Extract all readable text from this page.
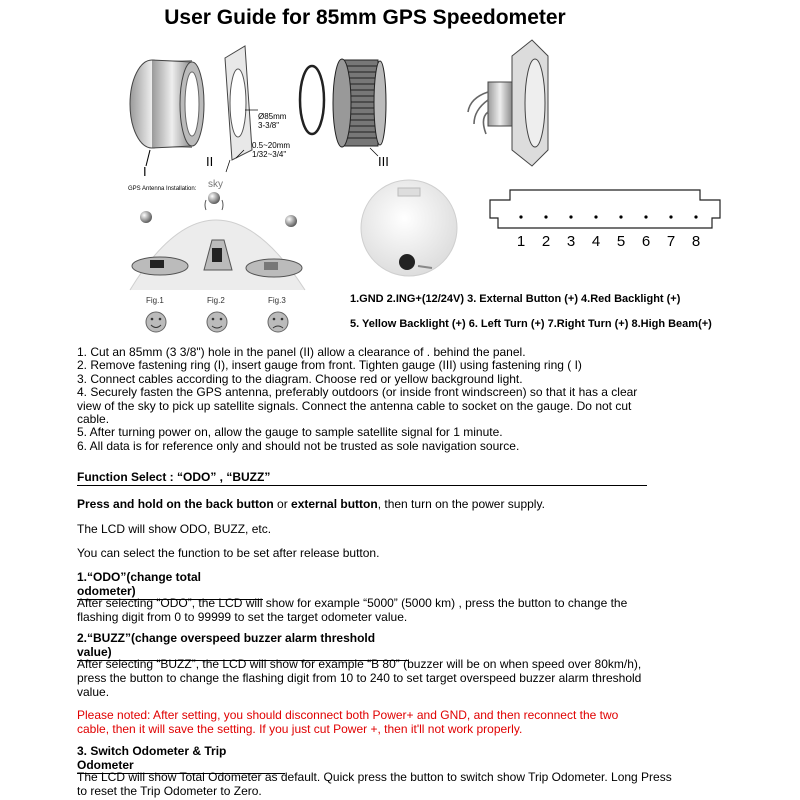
User Guide for 85mm GPS Speedometer
I
Ø85mm
3-3/8"
0.5~20mm
1/32~3/4"
II	III
GPS Antenna Installation: sky
Fig.1	Fig.2	Fig.3
1 2 3 4 5 6 7 8
1.GND 2.ING+(12/24V) 3. External Button (+) 4.Red Backlight (+)
5. Yellow Backlight (+) 6. Left Turn (+) 7.Right Turn (+) 8.High Beam(+)
1. Cut an 85mm (3 3/8") hole in the panel (II) allow a clearance of . behind the panel.
2. Remove fastening ring (I), insert gauge from front. Tighten gauge (III) using fastening ring ( I)
3. Connect cables according to the diagram. Choose red or yellow background light.
4. Securely fasten the GPS antenna, preferably outdoors (or inside front windscreen) so that it has a clear view of the sky to pick up satellite signals. Connect the antenna cable to socket on the gauge. Do not cut cable.
5. After turning power on, allow the gauge to sample satellite signal for 1 minute.
6. All data is for reference only and should not be trusted as sole navigation source.
Function Select : “ODO” , “BUZZ”
Press and hold on the back button or external button, then turn on the power supply.
The LCD will show ODO, BUZZ, etc.
You can select the function to be set after release button.
1.“ODO”(change total odometer)
After selecting “ODO”, the LCD will show for example “5000” (5000 km) , press the button to change the flashing digit from 0 to 99999 to set the target odometer value.
2.“BUZZ”(change overspeed buzzer alarm threshold value)
After selecting “BUZZ”, the LCD will show for example “B 80” (buzzer will be on when speed over 80km/h), press the button to change the flashing digit from 10 to 240 to set target overspeed buzzer alarm threshold value.
Please noted: After setting, you should disconnect both Power+ and GND, and then reconnect the two cable, then it will save the setting. If you just cut Power +, then it'll not work properly.
3. Switch Odometer & Trip Odometer
The LCD will show Total Odometer as default. Quick press the button to switch show Trip Odometer. Long Press to reset the Trip Odometer to Zero.
